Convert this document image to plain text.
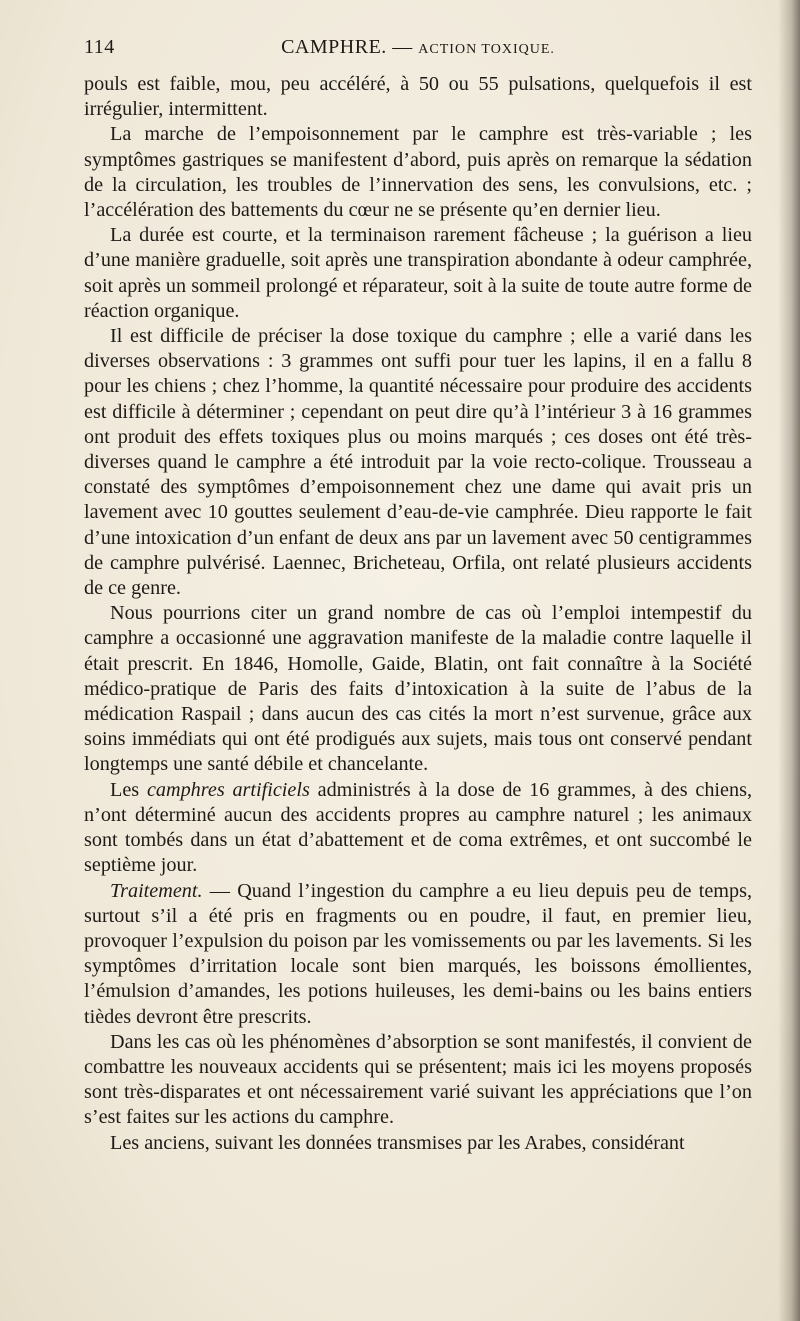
114	CAMPHRE. — ACTION TOXIQUE.

pouls est faible, mou, peu accéléré, à 50 ou 55 pulsations, quelquefois il est irrégulier, intermittent.

La marche de l’empoisonnement par le camphre est très-variable ; les symptômes gastriques se manifestent d’abord, puis après on remarque la sédation de la circulation, les troubles de l’innervation des sens, les convulsions, etc. ; l’accélération des battements du cœur ne se présente qu’en dernier lieu.

La durée est courte, et la terminaison rarement fâcheuse ; la guérison a lieu d’une manière graduelle, soit après une transpiration abondante à odeur camphrée, soit après un sommeil prolongé et réparateur, soit à la suite de toute autre forme de réaction organique.

Il est difficile de préciser la dose toxique du camphre ; elle a varié dans les diverses observations : 3 grammes ont suffi pour tuer les lapins, il en a fallu 8 pour les chiens ; chez l’homme, la quantité nécessaire pour produire des accidents est difficile à déterminer ; cependant on peut dire qu’à l’intérieur 3 à 16 grammes ont produit des effets toxiques plus ou moins marqués ; ces doses ont été très-diverses quand le camphre a été introduit par la voie recto-colique. Trousseau a constaté des symptômes d’empoisonnement chez une dame qui avait pris un lavement avec 10 gouttes seulement d’eau-de-vie camphrée. Dieu rapporte le fait d’une intoxication d’un enfant de deux ans par un lavement avec 50 centigrammes de camphre pulvérisé. Laennec, Bricheteau, Orfila, ont relaté plusieurs accidents de ce genre.

Nous pourrions citer un grand nombre de cas où l’emploi intempestif du camphre a occasionné une aggravation manifeste de la maladie contre laquelle il était prescrit. En 1846, Homolle, Gaide, Blatin, ont fait connaître à la Société médico-pratique de Paris des faits d’intoxication à la suite de l’abus de la médication Raspail ; dans aucun des cas cités la mort n’est survenue, grâce aux soins immédiats qui ont été prodigués aux sujets, mais tous ont conservé pendant longtemps une santé débile et chancelante.

Les camphres artificiels administrés à la dose de 16 grammes, à des chiens, n’ont déterminé aucun des accidents propres au camphre naturel ; les animaux sont tombés dans un état d’abattement et de coma extrêmes, et ont succombé le septième jour.

Traitement. — Quand l’ingestion du camphre a eu lieu depuis peu de temps, surtout s’il a été pris en fragments ou en poudre, il faut, en premier lieu, provoquer l’expulsion du poison par les vomissements ou par les lavements. Si les symptômes d’irritation locale sont bien marqués, les boissons émollientes, l’émulsion d’amandes, les potions huileuses, les demi-bains ou les bains entiers tièdes devront être prescrits.

Dans les cas où les phénomènes d’absorption se sont manifestés, il convient de combattre les nouveaux accidents qui se présentent; mais ici les moyens proposés sont très-disparates et ont nécessairement varié suivant les appréciations que l’on s’est faites sur les actions du camphre.

Les anciens, suivant les données transmises par les Arabes, considérant
